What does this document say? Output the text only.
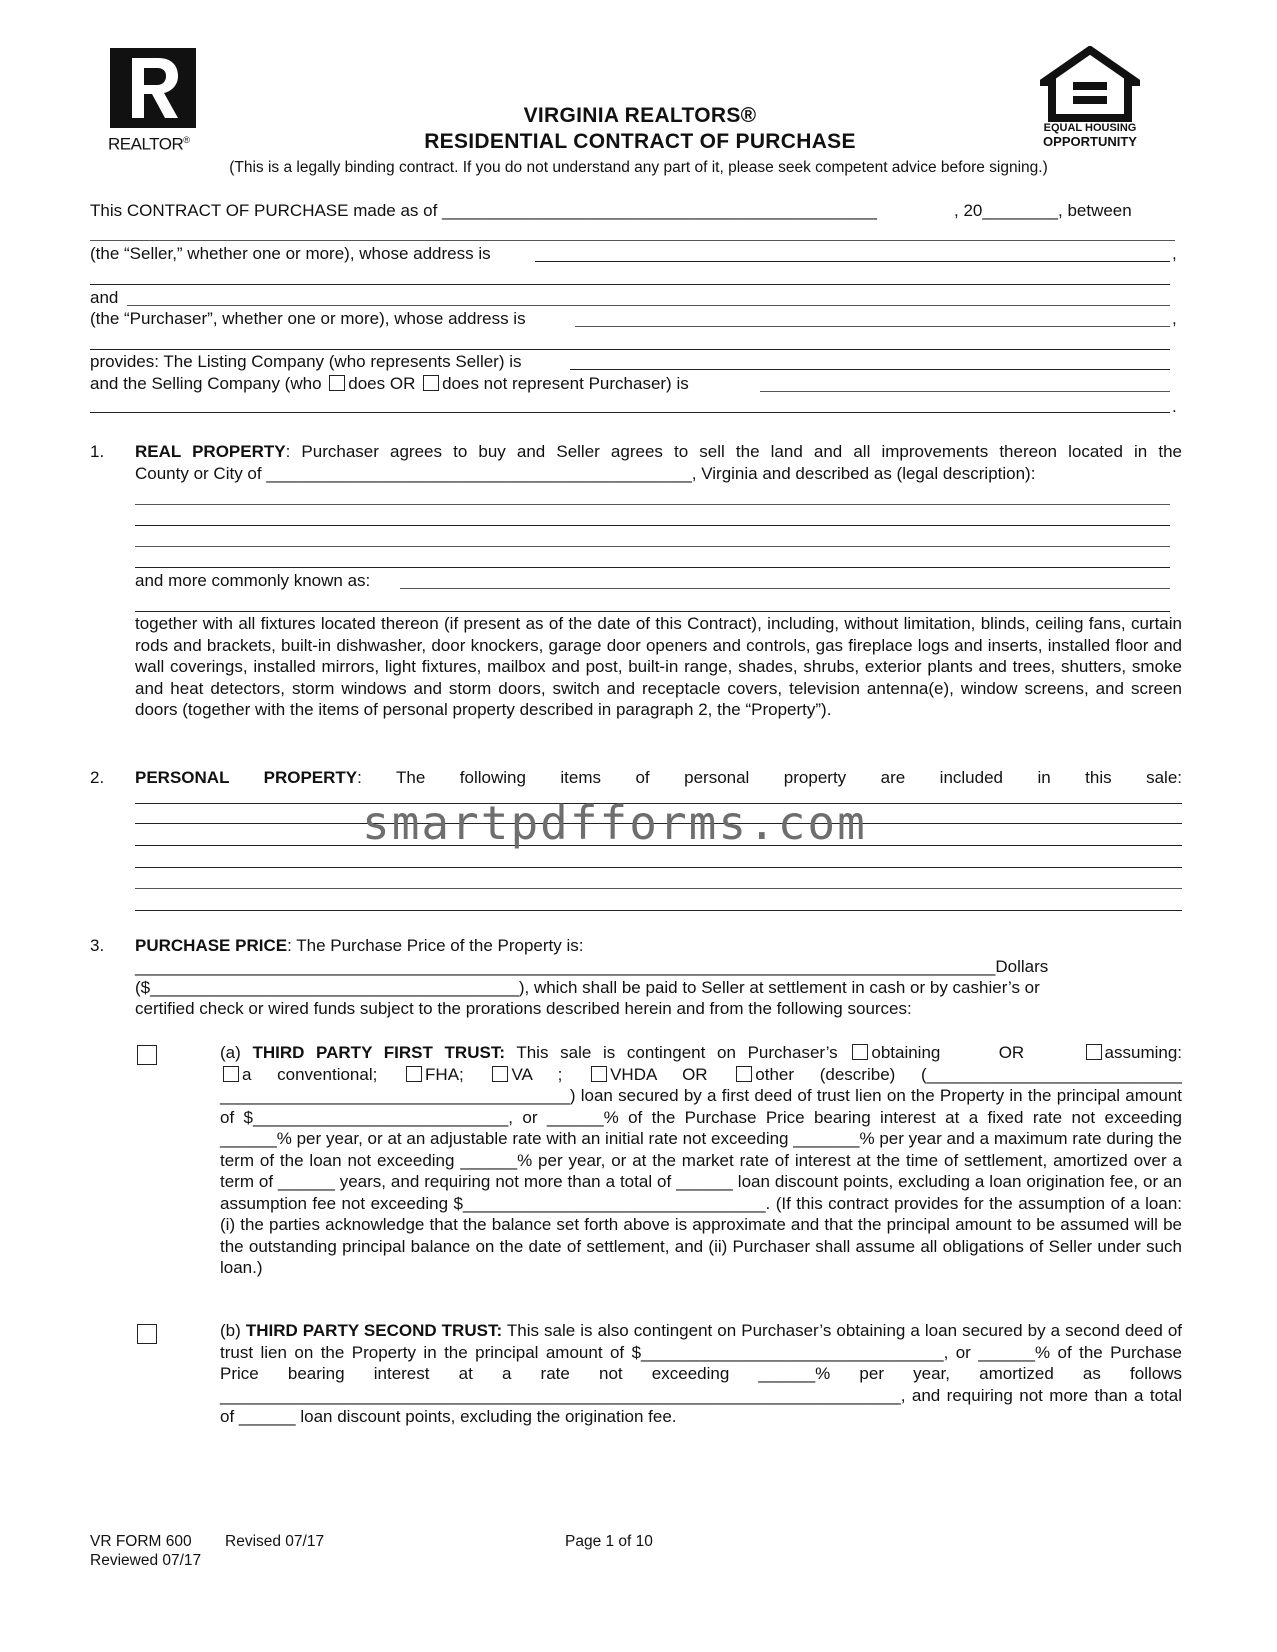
REALTOR®
VIRGINIA REALTORS®
RESIDENTIAL CONTRACT OF PURCHASE
(This is a legally binding contract. If you do not understand any part of it, please seek competent advice before signing.)
EQUAL HOUSING
OPPORTUNITY
This CONTRACT OF PURCHASE made as of ______________________________________________	, 20________, between
(the “Seller,” whether one or more), whose address is	,
and
(the “Purchaser”, whether one or more), whose address is	,
provides: The Listing Company (who represents Seller) is
and the Selling Company (who does OR does not represent Purchaser) is
.
1. REAL PROPERTY: Purchaser agrees to buy and Seller agrees to sell the land and all improvements thereon located in the
County or City of _____________________________________________, Virginia and described as (legal description):
and more commonly known as:
together with all fixtures located thereon (if present as of the date of this Contract), including, without limitation, blinds, ceiling fans, curtain rods and brackets, built-in dishwasher, door knockers, garage door openers and controls, gas fireplace logs and inserts, installed floor and wall coverings, installed mirrors, light fixtures, mailbox and post, built-in range, shades, shrubs, exterior plants and trees, shutters, smoke and heat detectors, storm windows and storm doors, switch and receptacle covers, television antenna(e), window screens, and screen doors (together with the items of personal property described in paragraph 2, the “Property”).
2. PERSONAL PROPERTY: The following items of personal property are included in this sale:
smartpdfforms.com
3. PURCHASE PRICE: The Purchase Price of the Property is:
___________________________________________________________________________________________Dollars
($_______________________________________), which shall be paid to Seller at settlement in cash or by cashier’s or
certified check or wired funds subject to the prorations described herein and from the following sources:
(a) THIRD PARTY FIRST TRUST: This sale is contingent on Purchaser’s obtaining	OR	assuming:
a conventional;	FHA;	VA ;	VHDA OR	other (describe) (___________________________
_____________________________________) loan secured by a first deed of trust lien on the Property in the principal amount of $___________________________, or ______% of the Purchase Price bearing interest at a fixed rate not exceeding ______% per year, or at an adjustable rate with an initial rate not exceeding _______% per year and a maximum rate during the term of the loan not exceeding ______% per year, or at the market rate of interest at the time of settlement, amortized over a term of ______ years, and requiring not more than a total of ______ loan discount points, excluding a loan origination fee, or an assumption fee not exceeding $________________________________. (If this contract provides for the assumption of a loan: (i) the parties acknowledge that the balance set forth above is approximate and that the principal amount to be assumed will be the outstanding principal balance on the date of settlement, and (ii) Purchaser shall assume all obligations of Seller under such loan.)
(b) THIRD PARTY SECOND TRUST: This sale is also contingent on Purchaser’s obtaining a loan secured by a second deed of trust lien on the Property in the principal amount of $________________________________, or ______% of the Purchase Price bearing interest at a rate not exceeding ______% per year, amortized as follows ________________________________________________________________________, and requiring not more than a total of ______ loan discount points, excluding the origination fee.
VR FORM 600 Revised 07/17
Reviewed 07/17
Page 1 of 10
